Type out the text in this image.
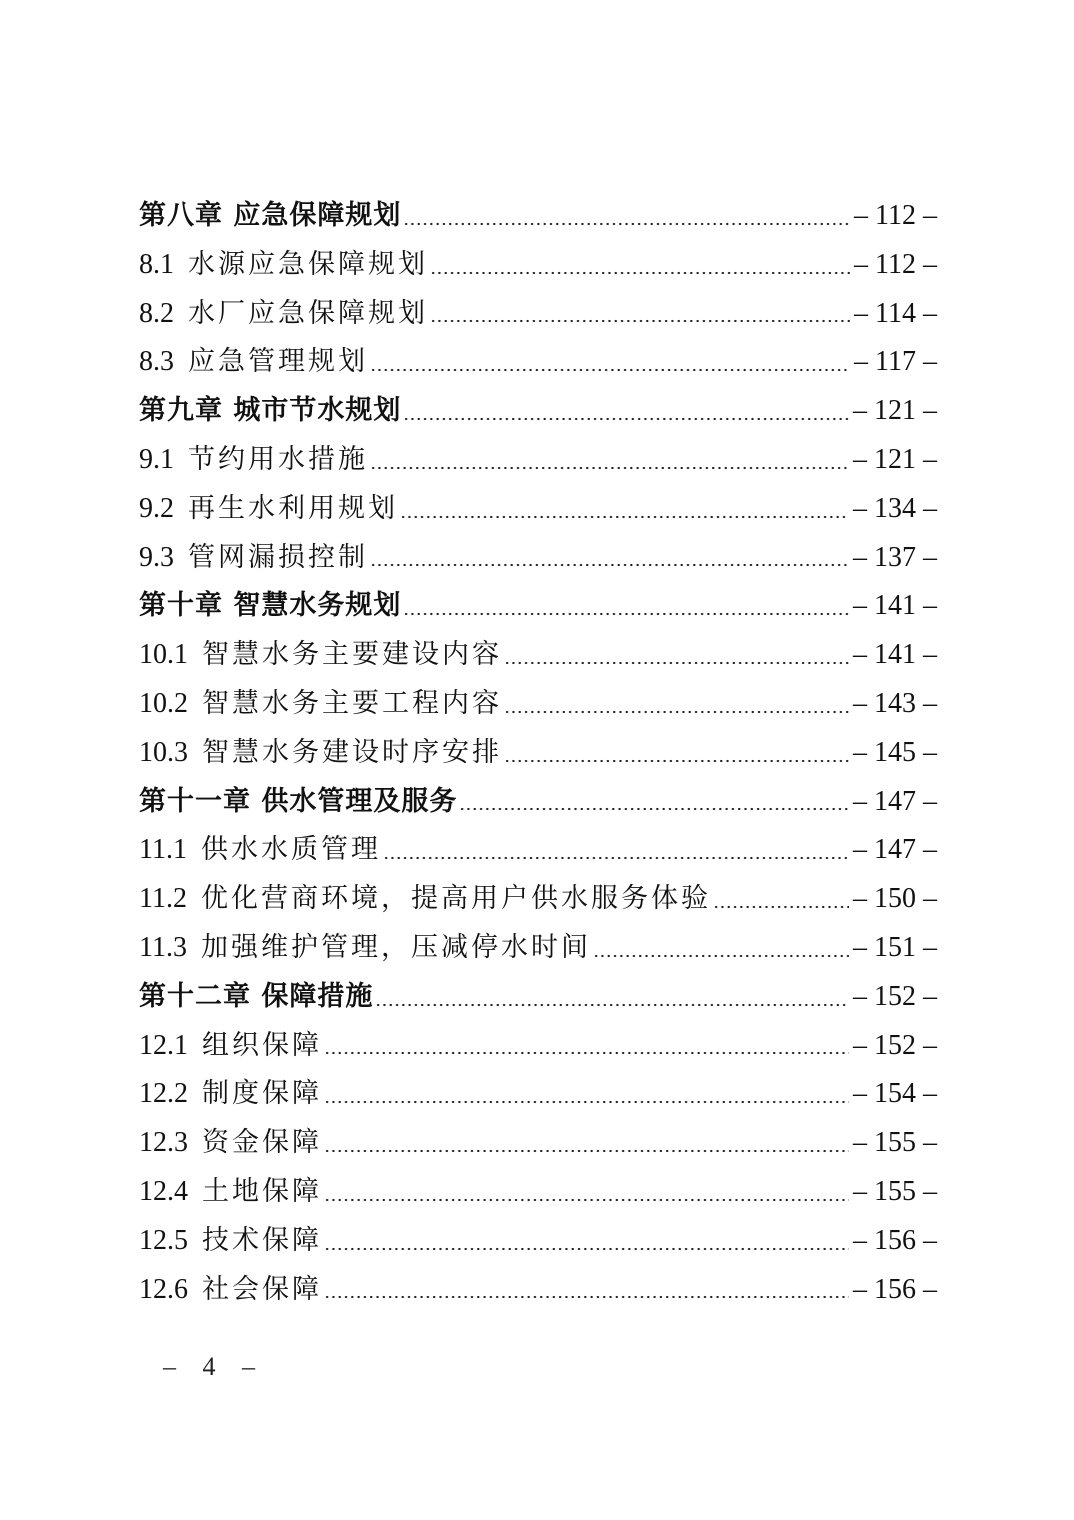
第八章 应急保障规划	– 112 –
8.1 水源应急保障规划	– 112 –
8.2 水厂应急保障规划	– 114 –
8.3 应急管理规划	– 117 –
第九章 城市节水规划	– 121 –
9.1 节约用水措施	– 121 –
9.2 再生水利用规划	– 134 –
9.3 管网漏损控制	– 137 –
第十章 智慧水务规划	– 141 –
10.1 智慧水务主要建设内容	– 141 –
10.2 智慧水务主要工程内容	– 143 –
10.3 智慧水务建设时序安排	– 145 –
第十一章 供水管理及服务	– 147 –
11.1 供水水质管理	– 147 –
11.2 优化营商环境，提高用户供水服务体验	– 150 –
11.3 加强维护管理，压减停水时间	– 151 –
第十二章 保障措施	– 152 –
12.1 组织保障	– 152 –
12.2 制度保障	– 154 –
12.3 资金保障	– 155 –
12.4 土地保障	– 155 –
12.5 技术保障	– 156 –
12.6 社会保障	– 156 –
– 4 –
